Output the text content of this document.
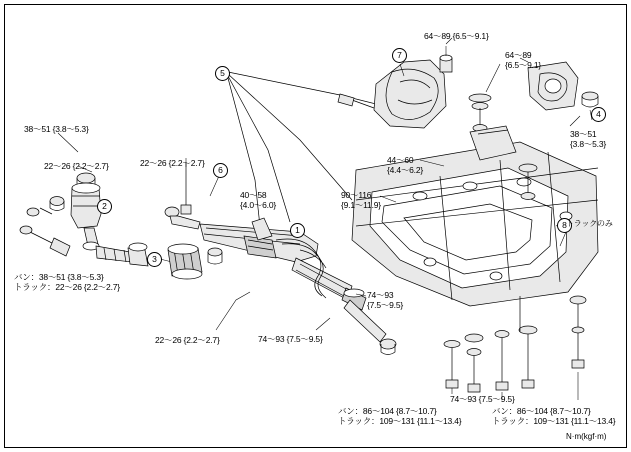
1
2
3
4
5
6
7
8
38～51 {3.8～5.3}
22～26 {2.2～2.7}	22～26 {2.2～2.7}
40～58
{4.0～6.0}
44～60
{4.4～6.2}
90～116
{9.1～11.9}
64～89 {6.5～9.1}
64～89
{6.5～9.1}
38～51
{3.8～5.3}
バン：38～51 {3.8～5.3}
トラック：22～26 {2.2～2.7}
22～26 {2.2～2.7}	74～93 {7.5～9.5}
74～93
{7.5～9.5}
74～93 {7.5～9.5}
バン：86～104 {8.7～10.7}
トラック：109～131 {11.1～13.4}
バン：86～104 {8.7～10.7}
トラック：109～131 {11.1～13.4}
トラックのみ
N·m(kgf·m)
